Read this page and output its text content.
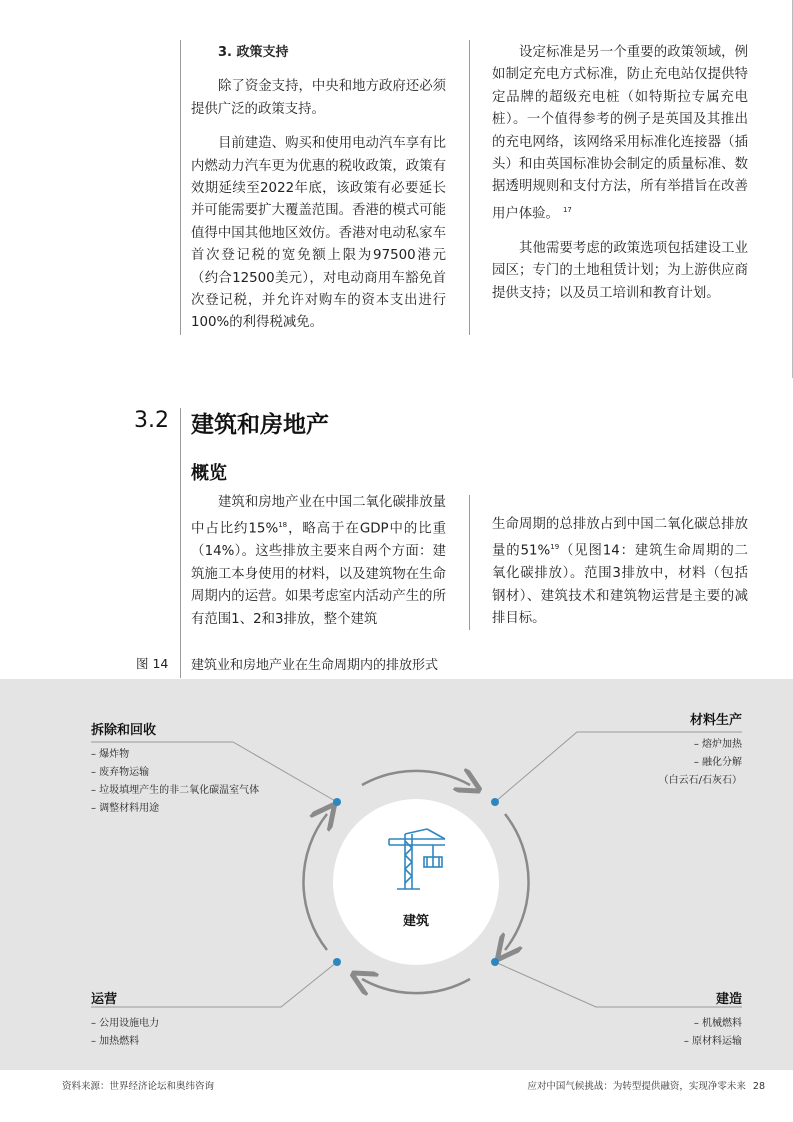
3. 政策支持

除了资金支持，中央和地方政府还必须提供广泛的政策支持。

目前建造、购买和使用电动汽车享有比内燃动力汽车更为优惠的税收政策，政策有效期延续至2022年底，该政策有必要延长并可能需要扩大覆盖范围。香港的模式可能值得中国其他地区效仿。香港对电动私家车首次登记税的宽免额上限为97500港元（约合12500美元），对电动商用车豁免首次登记税，并允许对购车的资本支出进行100%的利得税减免。

设定标准是另一个重要的政策领域，例如制定充电方式标准，防止充电站仅提供特定品牌的超级充电桩（如特斯拉专属充电桩）。一个值得参考的例子是英国及其推出的充电网络，该网络采用标准化连接器（插头）和由英国标准协会制定的质量标准、数据透明规则和支付方法，所有举措旨在改善用户体验。 $^{17}$

其他需要考虑的政策选项包括建设工业园区；专门的土地租赁计划；为上游供应商提供支持；以及员工培训和教育计划。

3.2 建筑和房地产
概览

建筑和房地产业在中国二氧化碳排放量中占比约15%$^{18}$，略高于在GDP中的比重（14%）。这些排放主要来自两个方面：建筑施工本身使用的材料，以及建筑物在生命周期内的运营。如果考虑室内活动产生的所有范围1、2和3排放，整个建筑

生命周期的总排放占到中国二氧化碳总排放量的51%$^{19}$（见图14：建筑生命周期的二氧化碳排放）。范围3排放中，材料（包括钢材）、建筑技术和建筑物运营是主要的减排目标。

图 14 建筑业和房地产业在生命周期内的排放形式
建筑
拆除和回收
– 爆炸物
– 废弃物运输
– 垃圾填埋产生的非二氧化碳温室气体
– 调整材料用途
材料生产
– 熔炉加热
– 融化分解
（白云石/石灰石）
运营
– 公用设施电力
– 加热燃料
建造
– 机械燃料
– 原材料运输
资料来源：世界经济论坛和奥纬咨询	应对中国气候挑战：为转型提供融资，实现净零未来 28
